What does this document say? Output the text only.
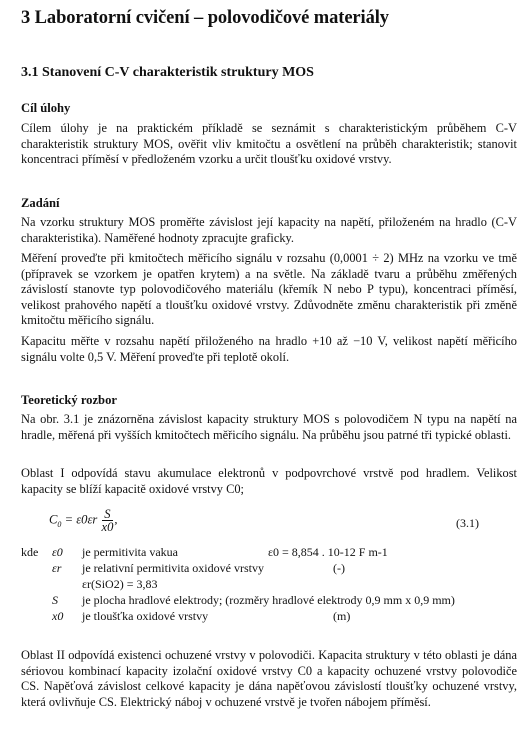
3 Laboratorní cvičení – polovodičové materiály
3.1 Stanovení C-V charakteristik struktury MOS
Cíl úlohy
Cílem úlohy je na praktickém příkladě se seznámit s charakteristickým průběhem C-V charakteristik struktury MOS, ověřit vliv kmitočtu a osvětlení na průběh charakteristik; stanovit koncentraci příměsí v předloženém vzorku a určit tloušťku oxidové vrstvy.
Zadání
Na vzorku struktury MOS proměřte závislost její kapacity na napětí, přiloženém na hradlo (C-V charakteristika). Naměřené hodnoty zpracujte graficky.
Měření proveďte při kmitočtech měřicího signálu v rozsahu (0,0001 ÷ 2) MHz na vzorku ve tmě (přípravek se vzorkem je opatřen krytem) a na světle. Na základě tvaru a průběhu změřených závislostí stanovte typ polovodičového materiálu (křemík N nebo P typu), koncentraci příměsí, velikost prahového napětí a tloušťku oxidové vrstvy. Zdůvodněte změnu charakteristik při změně kmitočtu měřicího signálu.
Kapacitu měřte v rozsahu napětí přiloženého na hradlo +10 až −10 V, velikost napětí měřicího signálu volte 0,5 V. Měření proveďte při teplotě okolí.
Teoretický rozbor
Na obr. 3.1 je znázorněna závislost kapacity struktury MOS s polovodičem N typu na napětí na hradle, měřená při vyšších kmitočtech měřicího signálu. Na průběhu jsou patrné tři typické oblasti.
Oblast I odpovídá stavu akumulace elektronů v podpovrchové vrstvě pod hradlem. Velikost kapacity se blíží kapacitě oxidové vrstvy C0;
$C_0 = \varepsilon 0\varepsilon r \frac{S}{x0}$ ,	(3.1)
kde ε0 je permitivita vakua	ε0 = 8,854 . 10-12 F m-1
εr je relativní permitivita oxidové vrstvy	(-)
εr(SiO2) = 3,83
S je plocha hradlové elektrody; (rozměry hradlové elektrody 0,9 mm x 0,9 mm)
x0 je tloušťka oxidové vrstvy	(m)
Oblast II odpovídá existenci ochuzené vrstvy v polovodiči. Kapacita struktury v této oblasti je dána sériovou kombinací kapacity izolační oxidové vrstvy C0 a kapacity ochuzené vrstvy polovodiče CS. Napěťová závislost celkové kapacity je dána napěťovou závislostí tloušťky ochuzené vrstvy, která ovlivňuje CS. Elektrický náboj v ochuzené vrstvě je tvořen nábojem příměsí.
